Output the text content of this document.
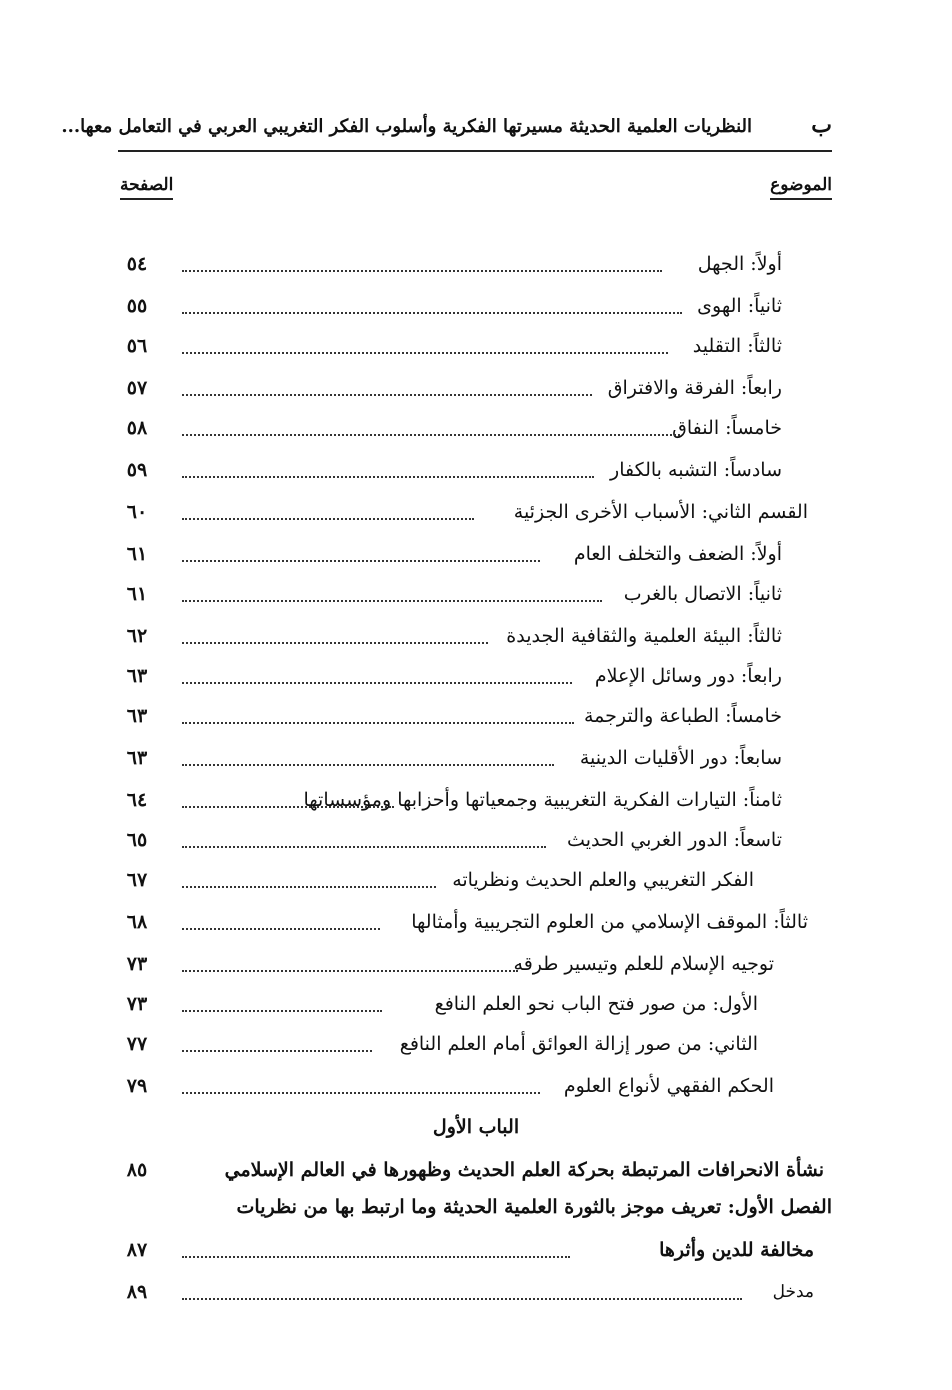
ب
النظريات العلمية الحديثة مسيرتها الفكرية وأسلوب الفكر التغريبي العربي في التعامل معها...
الموضوع
الصفحة
أولاً: الجهل
٥٤
ثانياً: الهوى
٥٥
ثالثاً: التقليد
٥٦
رابعاً: الفرقة والافتراق
٥٧
خامساً: النفاق
٥٨
سادساً: التشبه بالكفار
٥٩
القسم الثاني: الأسباب الأخرى الجزئية
٦٠
أولاً: الضعف والتخلف العام
٦١
ثانياً: الاتصال بالغرب
٦١
ثالثاً: البيئة العلمية والثقافية الجديدة
٦٢
رابعاً: دور وسائل الإعلام
٦٣
خامساً: الطباعة والترجمة
٦٣
سابعاً: دور الأقليات الدينية
٦٣
ثامناً: التيارات الفكرية التغريبية وجمعياتها وأحزابها ومؤسساتها
٦٤
تاسعاً: الدور الغربي الحديث
٦٥
الفكر التغريبي والعلم الحديث ونظرياته
٦٧
ثالثاً: الموقف الإسلامي من العلوم التجريبية وأمثالها
٦٨
توجيه الإسلام للعلم وتيسير طرقه
٧٣
الأول: من صور فتح الباب نحو العلم النافع
٧٣
الثاني: من صور إزالة العوائق أمام العلم النافع
٧٧
الحكم الفقهي لأنواع العلوم
٧٩
الباب الأول
نشأة الانحرافات المرتبطة بحركة العلم الحديث وظهورها في العالم الإسلامي
٨٥
الفصل الأول: تعريف موجز بالثورة العلمية الحديثة وما ارتبط بها من نظريات
مخالفة للدين وأثرها
٨٧
مدخل
٨٩
